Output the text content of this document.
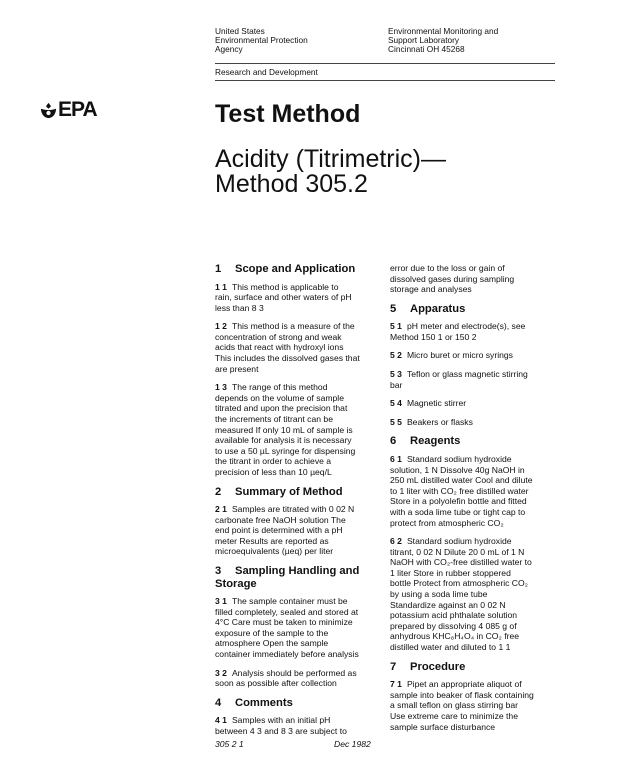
United States
Environmental Protection
Agency
Environmental Monitoring and
Support Laboratory
Cincinnati OH 45268
Research and Development
EPA	Test Method
Acidity (Titrimetric)—
Method 305.2
1 Scope and Application
1 1 This method is applicable to
rain, surface and other waters of pH
less than 8 3
1 2 This method is a measure of the
concentration of strong and weak
acids that react with hydroxyl ions
This includes the dissolved gases that
are present
1 3 The range of this method
depends on the volume of sample
titrated and upon the precision that
the increments of titrant can be
measured If only 10 mL of sample is
available for analysis it is necessary
to use a 50 µL syringe for dispensing
the titrant in order to achieve a
precision of less than 10 µeq/L
2 Summary of Method
2 1 Samples are titrated with 0 02 N
carbonate free NaOH solution The
end point is determined with a pH
meter Results are reported as
microequivalents (µeq) per liter
3 Sampling Handling and
Storage
3 1 The sample container must be
filled completely, sealed and stored at
4°C Care must be taken to minimize
exposure of the sample to the
atmosphere Open the sample
container immediately before analysis
3 2 Analysis should be performed as
soon as possible after collection
4 Comments
4 1 Samples with an initial pH
between 4 3 and 8 3 are subject to
error due to the loss or gain of
dissolved gases during sampling
storage and analyses
5 Apparatus
5 1 pH meter and electrode(s), see
Method 150 1 or 150 2
5 2 Micro buret or micro syrings
5 3 Teflon or glass magnetic stirring
bar
5 4 Magnetic stirrer
5 5 Beakers or flasks
6 Reagents
6 1 Standard sodium hydroxide
solution, 1 N Dissolve 40g NaOH in
250 mL distilled water Cool and dilute
to 1 liter with CO₂ free distilled water
Store in a polyolefin bottle and fitted
with a soda lime tube or tight cap to
protect from atmospheric CO₂
6 2 Standard sodium hydroxide
titrant, 0 02 N Dilute 20 0 mL of 1 N
NaOH with CO₂-free distilled water to
1 liter Store in rubber stoppered
bottle Protect from atmospheric CO₂
by using a soda lime tube
Standardize against an 0 02 N
potassium acid phthalate solution
prepared by dissolving 4 085 g of
anhydrous KHC₈H₄O₄ in CO₂ free
distilled water and diluted to 1 1
7 Procedure
7 1 Pipet an appropriate aliquot of
sample into beaker of flask containing
a small teflon on glass stirring bar
Use extreme care to minimize the
sample surface disturbance
305 2 1	Dec 1982
